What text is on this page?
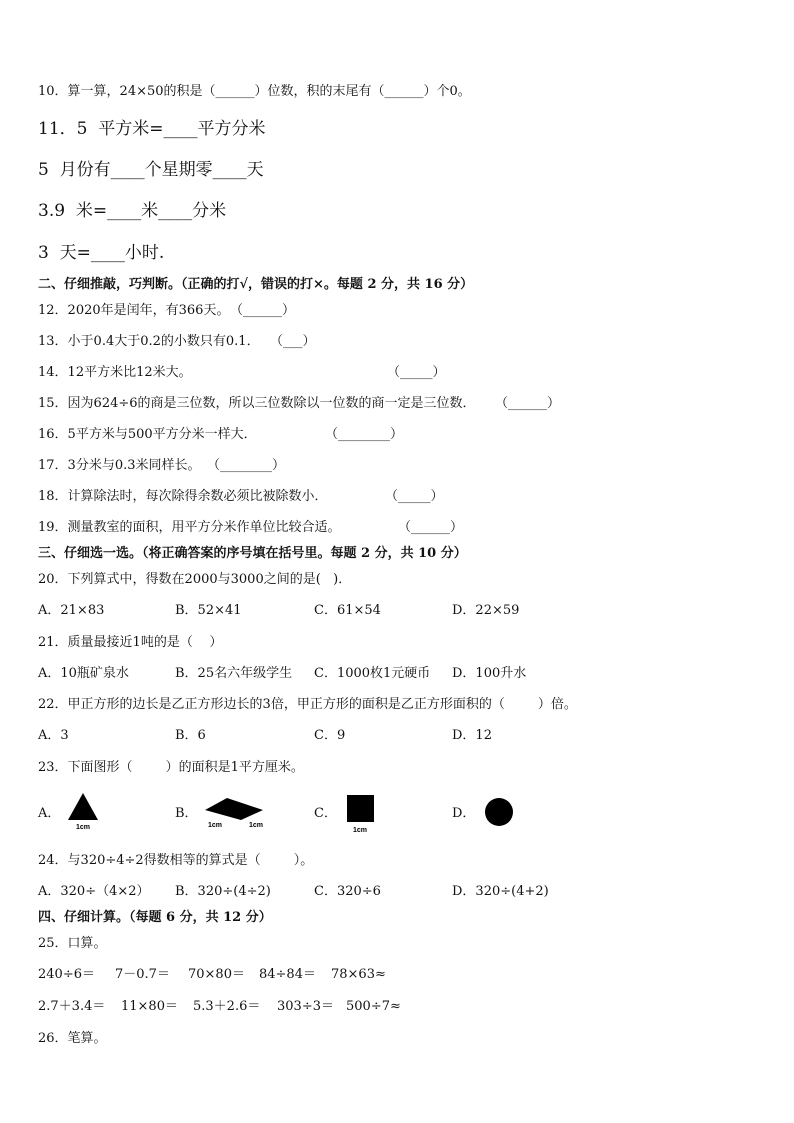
10．算一算，24×50的积是（______）位数，积的末尾有（______）个0。
11．5  平方米=____平方分米
5  月份有____个星期零____天
3.9  米=____米____分米
3  天=____小时.
二、仔细推敲，巧判断。（正确的打√，错误的打×。每题 2 分，共 16 分）
12．2020年是闰年，有366天。 （______）
13．小于0.4大于0.2的小数只有0.1． （___）
14．12平方米比12米大。	（_____）
15．因为624÷6的商是三位数，所以三位数除以一位数的商一定是三位数． （______）
16．5平方米与500平方分米一样大．	（________）
17．3分米与0.3米同样长。 （________）
18．计算除法时，每次除得余数必须比被除数小．	（_____）
19．测量教室的面积，用平方分米作单位比较合适。	（______）
三、仔细选一选。（将正确答案的序号填在括号里。每题 2 分，共 10 分）
20．下列算式中，得数在2000与3000之间的是(   )．
A．21×83	B．52×41	C．61×54	D．22×59
21．质量最接近1吨的是（    ）
A．10瓶矿泉水	B．25名六年级学生 C．1000枚1元硬币 D．100升水
22．甲正方形的边长是乙正方形边长的3倍，甲正方形的面积是乙正方形面积的（        ）倍。
A．3	B．6	C．9	D．12
23．下面图形（        ）的面积是1平方厘米。
A．
1cm
B．
1cm	1cm
C．
1cm
D．
24．与320÷4÷2得数相等的算式是（        ）。
A．320÷（4×2） B．320÷(4÷2)	C．320÷6	D．320÷(4+2)
四、仔细计算。（每题 6 分，共 12 分）
25．口算。
240÷6＝ 7－0.7＝ 70×80＝ 84÷84＝ 78×63≈
2.7＋3.4＝ 11×80＝ 5.3＋2.6＝ 303÷3＝ 500÷7≈
26．笔算。
